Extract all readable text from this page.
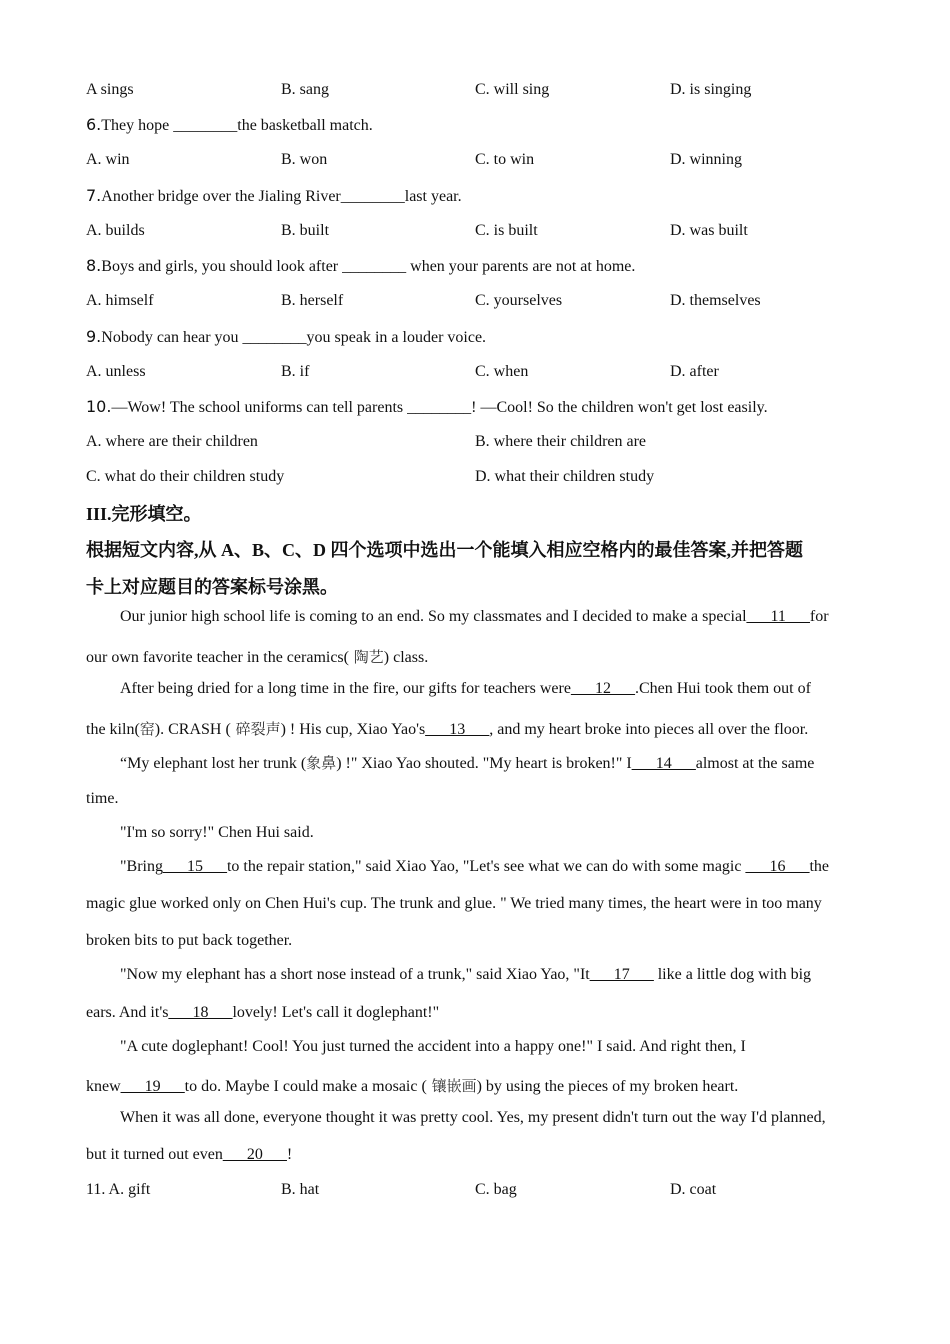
A sings	B. sang	C. will sing	D. is singing
6.They hope ________the basketball match.
A. win	B. won	C. to win	D. winning
7.Another bridge over the Jialing River________last year.
A. builds	B. built	C. is built	D. was built
8.Boys and girls, you should look after ________ when your parents are not at home.
A. himself	B. herself	C. yourselves	D. themselves
9.Nobody can hear you ________you speak in a louder voice.
A. unless	B. if	C. when	D. after
10.—Wow! The school uniforms can tell parents ________! —Cool! So the children won't get lost easily.
A. where are their children	B. where their children are
C. what do their children study	D. what their children study
III.完形填空。
根据短文内容,从 A、B、C、D 四个选项中选出一个能填入相应空格内的最佳答案,并把答题
卡上对应题目的答案标号涂黑。
Our junior high school life is coming to an end. So my classmates and I decided to make a special___11___for
our own favorite teacher in the ceramics( 陶艺) class.
After being dried for a long time in the fire, our gifts for teachers were___12___.Chen Hui took them out of
the kiln(窑). CRASH ( 碎裂声) ! His cup, Xiao Yao's___13___, and my heart broke into pieces all over the floor.
“My elephant lost her trunk (象鼻) !" Xiao Yao shouted. "My heart is broken!" I___14___almost at the same
time.
"I'm so sorry!" Chen Hui said.
"Bring___15___to the repair station," said Xiao Yao, "Let's see what we can do with some magic ___16___the
magic glue worked only on Chen Hui's cup. The trunk and glue. " We tried many times, the heart were in too many
broken bits to put back together.
"Now my elephant has a short nose instead of a trunk," said Xiao Yao, "It___17___ like a little dog with big
ears. And it's___18___lovely! Let's call it doglephant!"
"A cute doglephant! Cool! You just turned the accident into a happy one!" I said. And right then, I
knew___19___to do. Maybe I could make a mosaic ( 镶嵌画) by using the pieces of my broken heart.
When it was all done, everyone thought it was pretty cool. Yes, my present didn't turn out the way I'd planned,
but it turned out even___20___!
11. A. gift	B. hat	C. bag	D. coat
